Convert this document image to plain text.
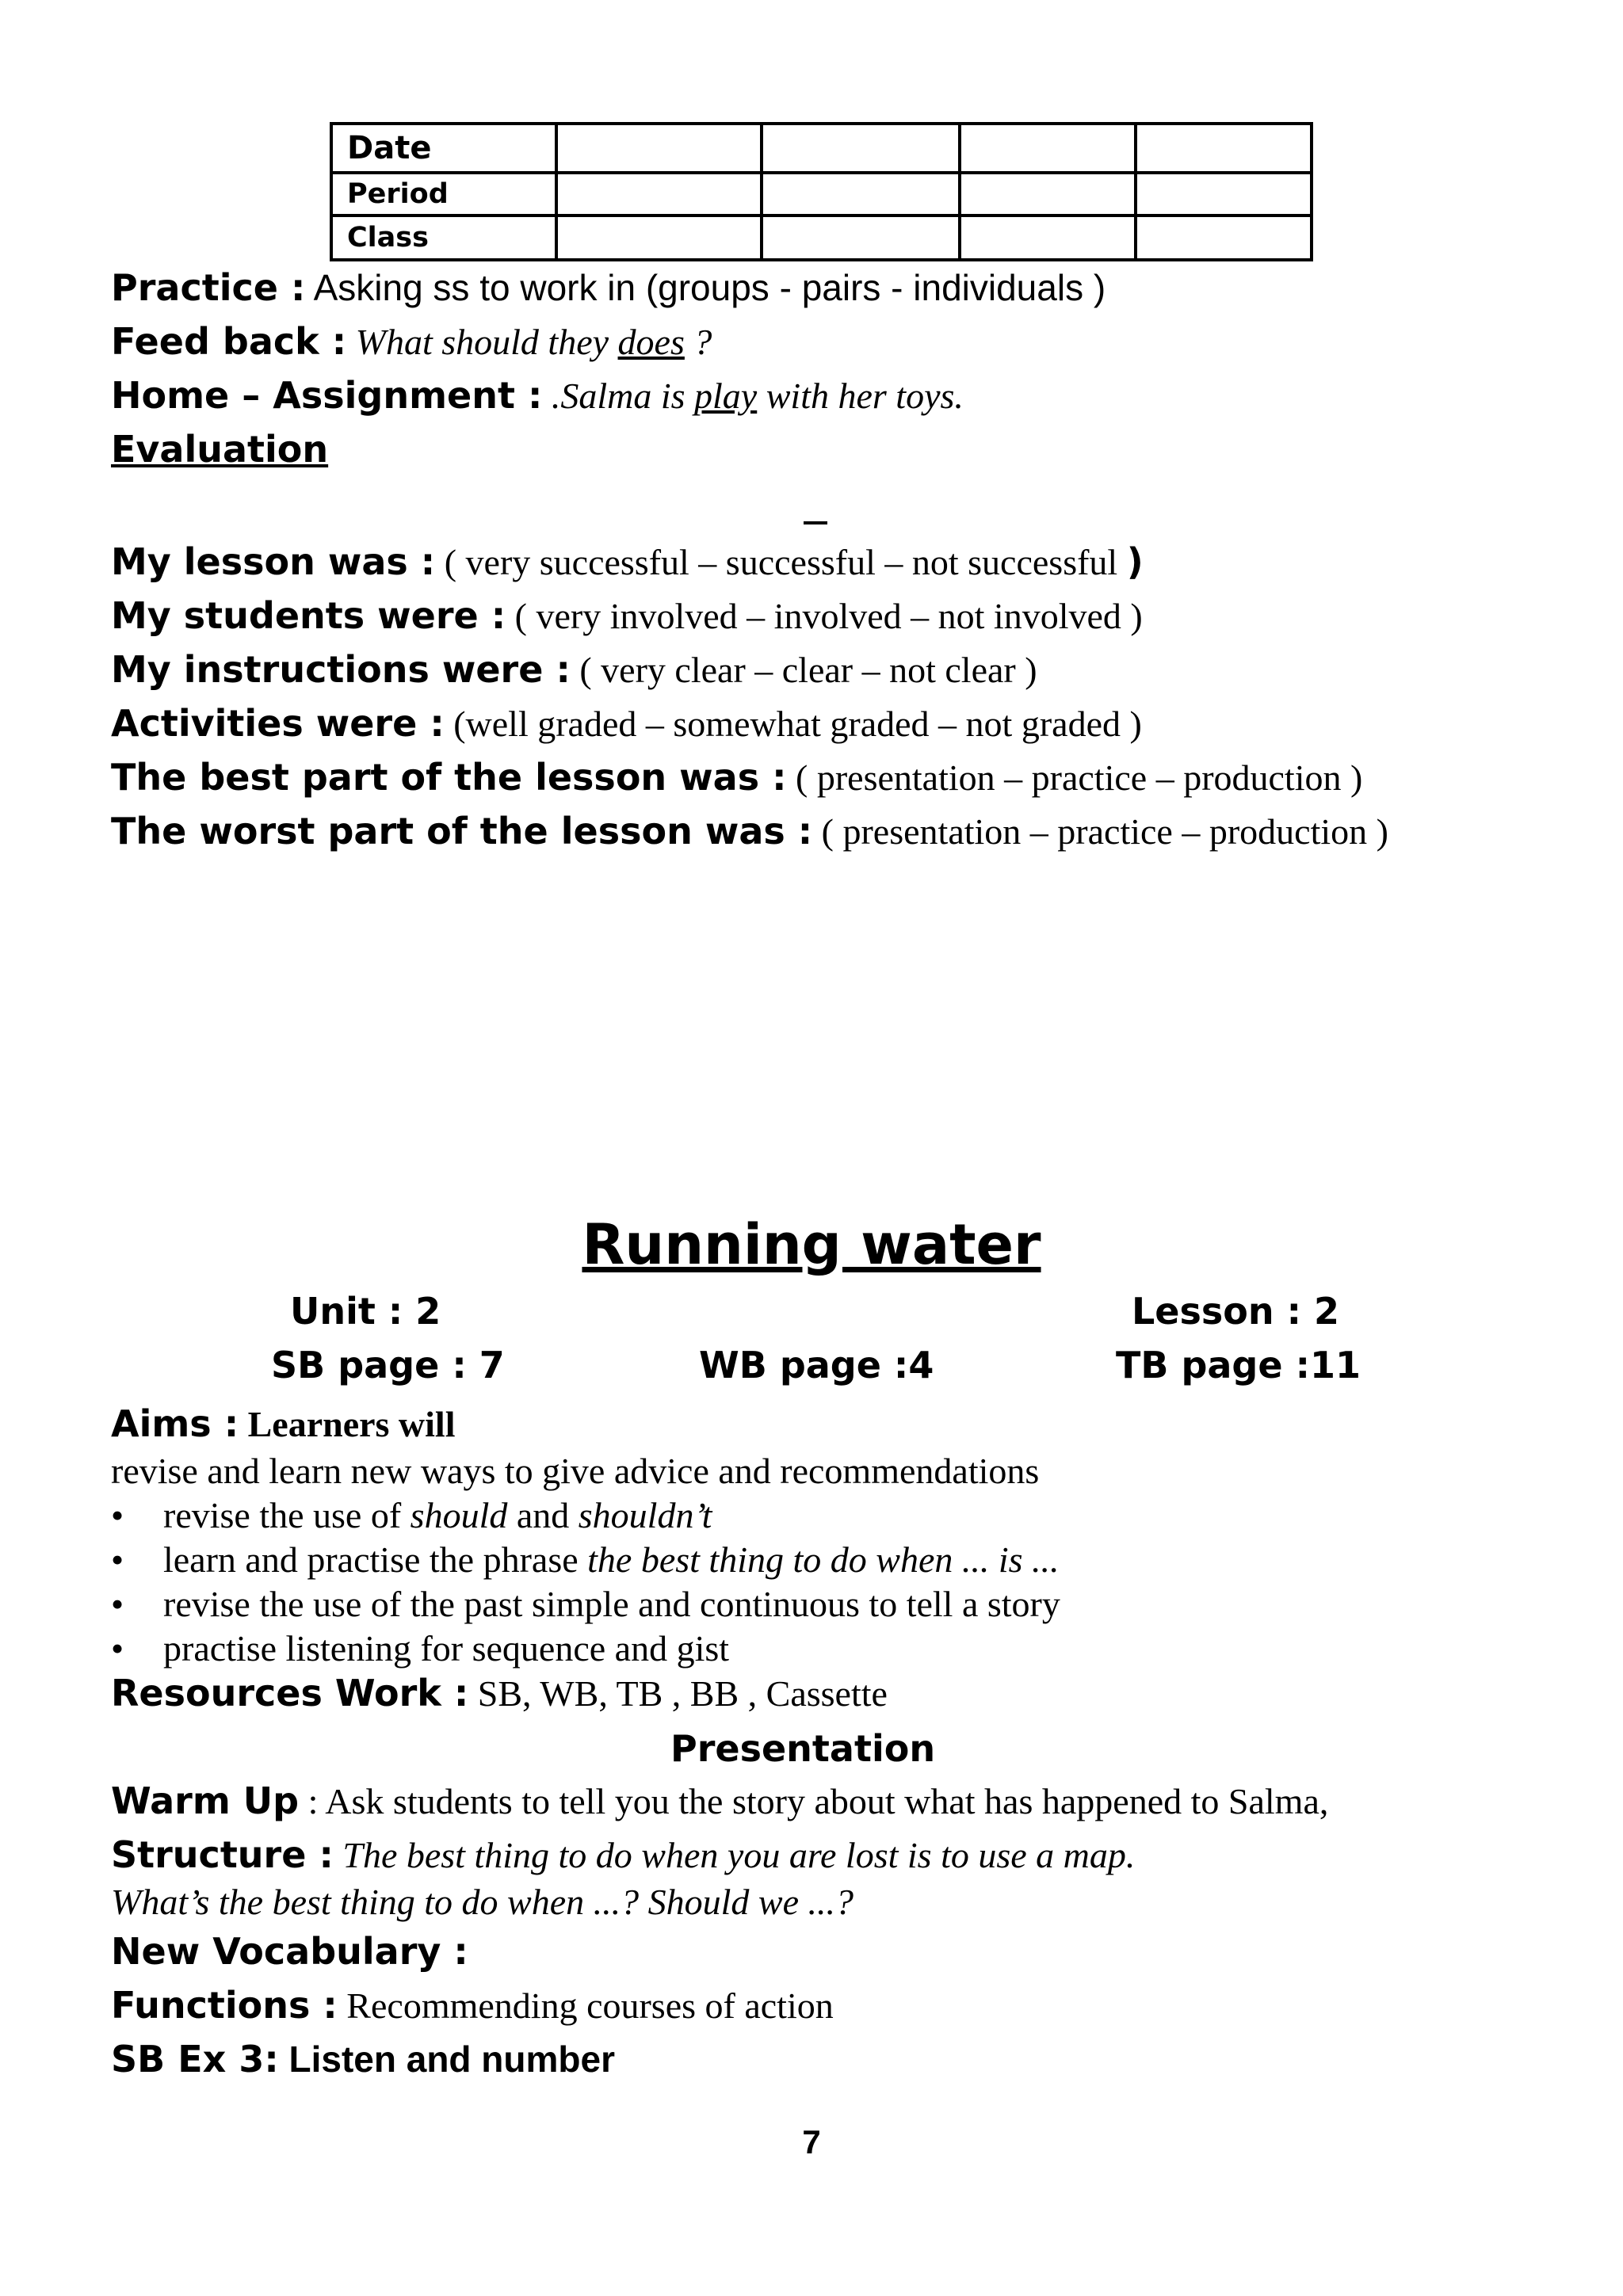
Date				
Period				
Class				
Practice : Asking ss to work in (groups - pairs - individuals )
Feed back : What should they does ?
Home – Assignment : .Salma is play with her toys.
Evaluation
My lesson was : ( very successful – successful – not successful )
My students were : ( very involved – involved – not involved )
My instructions were : ( very clear – clear – not clear )
Activities were : (well graded – somewhat graded – not graded )
The best part of the lesson was : ( presentation – practice – production )
The worst part of the lesson was : ( presentation – practice – production )
Running water
Unit : 2	Lesson : 2
SB page : 7	WB page :4	TB page :11
Aims : Learners will
revise and learn new ways to give advice and recommendations
• revise the use of should and shouldn’t
• learn and practise the phrase the best thing to do when ... is ...
• revise the use of the past simple and continuous to tell a story
• practise listening for sequence and gist
Resources Work : SB, WB, TB , BB , Cassette
Presentation
Warm Up : Ask students to tell you the story about what has happened to Salma,
Structure : The best thing to do when you are lost is to use a map.
What’s the best thing to do when ...? Should we ...?
New Vocabulary :
Functions : Recommending courses of action
SB Ex 3: Listen and number
7
